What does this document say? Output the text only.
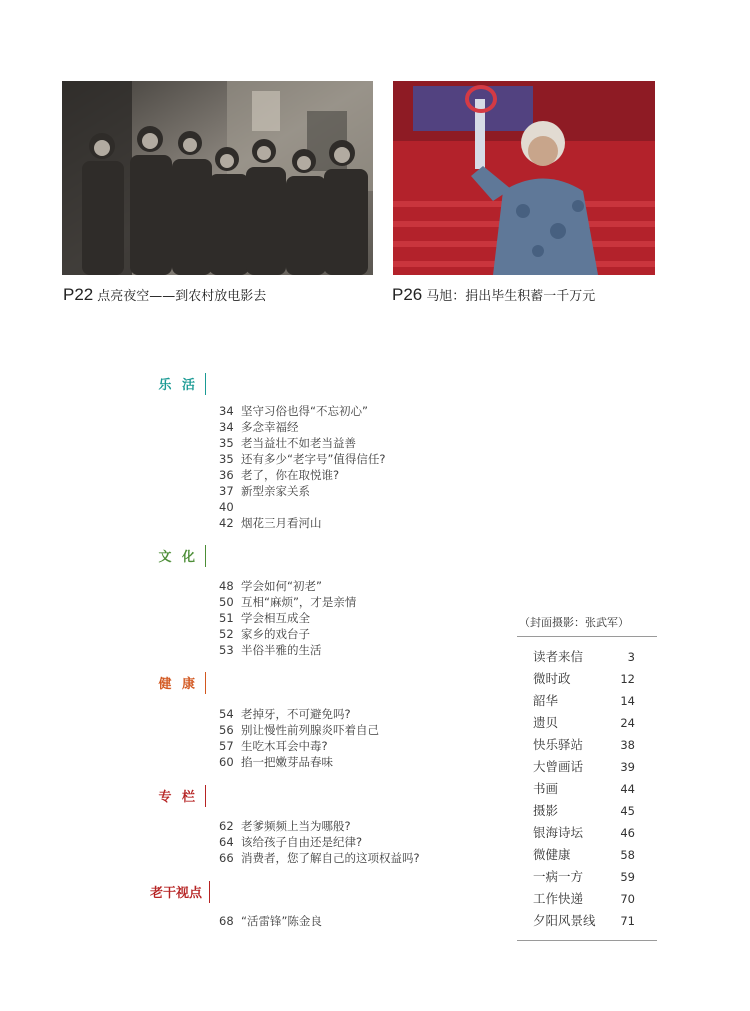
P22 点亮夜空——到农村放电影去	P26 马旭：捐出毕生积蓄一千万元
乐 活
34 坚守习俗也得“不忘初心”
34 多念幸福经
35 老当益壮不如老当益善
35 还有多少“老字号”值得信任?
36 老了，你在取悦谁?
37 新型亲家关系
40
42 烟花三月看河山
文 化
48 学会如何“初老”
50 互相“麻烦”，才是亲情
51 学会相互成全
52 家乡的戏台子
53 半俗半雅的生活
健 康
54 老掉牙，不可避免吗?
56 别让慢性前列腺炎吓着自己
57 生吃木耳会中毒?
60 掐一把嫩芽品春味
专 栏
62 老爹频频上当为哪般?
64 该给孩子自由还是纪律?
66 消费者，您了解自己的这项权益吗?
老干视点
68 “活雷锋”陈金良
（封面摄影：张武军）
读者来信	3
微时政	12
韶华	14
遗贝	24
快乐驿站	38
大曾画话	39
书画	44
摄影	45
银海诗坛	46
微健康	58
一病一方	59
工作快递	70
夕阳风景线 71
